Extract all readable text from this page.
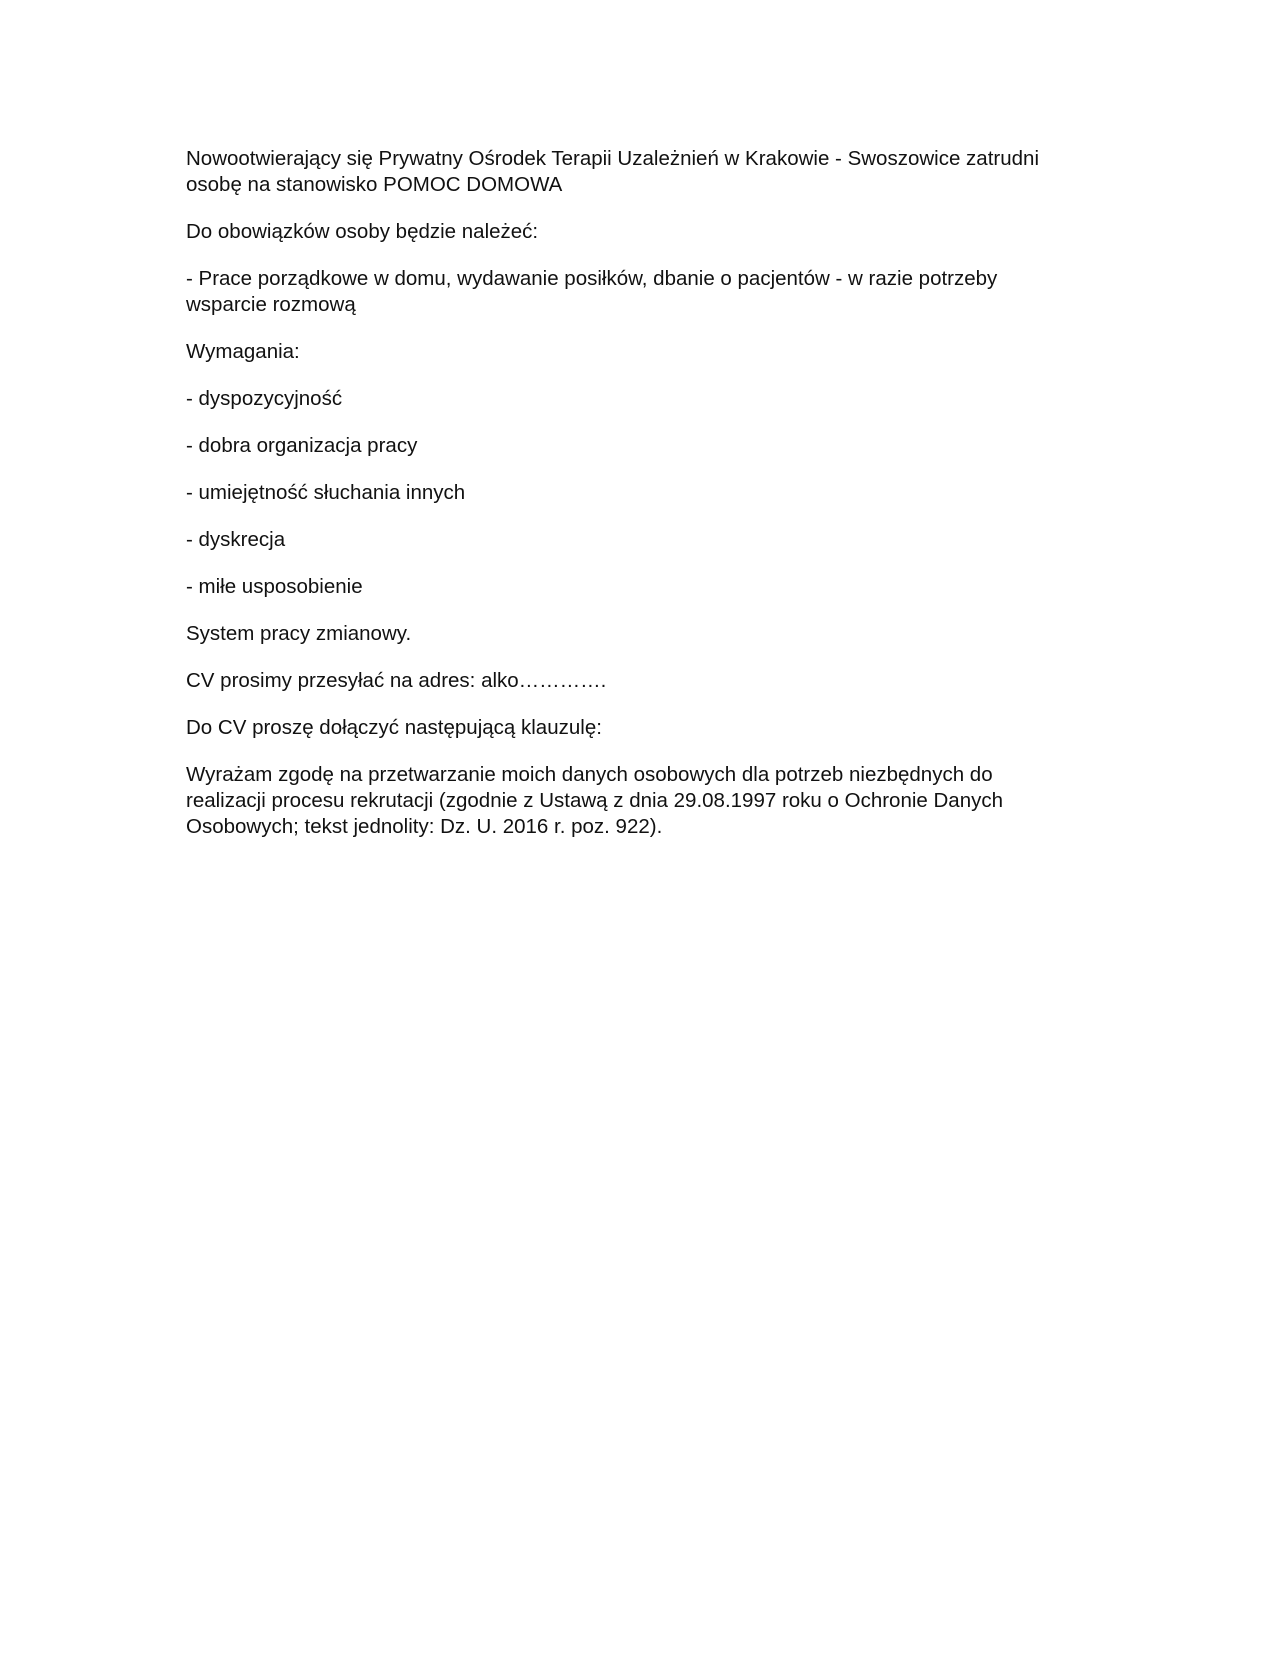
Nowootwierający się Prywatny Ośrodek Terapii Uzależnień w Krakowie - Swoszowice zatrudni osobę na stanowisko POMOC DOMOWA

Do obowiązków osoby będzie należeć:

- Prace porządkowe w domu, wydawanie posiłków, dbanie o pacjentów - w razie potrzeby wsparcie rozmową

Wymagania:

- dyspozycyjność

- dobra organizacja pracy

- umiejętność słuchania innych

- dyskrecja

- miłe usposobienie

System pracy zmianowy.

CV prosimy przesyłać na adres: alko………….

Do CV proszę dołączyć następującą klauzulę:

Wyrażam zgodę na przetwarzanie moich danych osobowych dla potrzeb niezbędnych do realizacji procesu rekrutacji (zgodnie z Ustawą z dnia 29.08.1997 roku o Ochronie Danych Osobowych; tekst jednolity: Dz. U. 2016 r. poz. 922).
